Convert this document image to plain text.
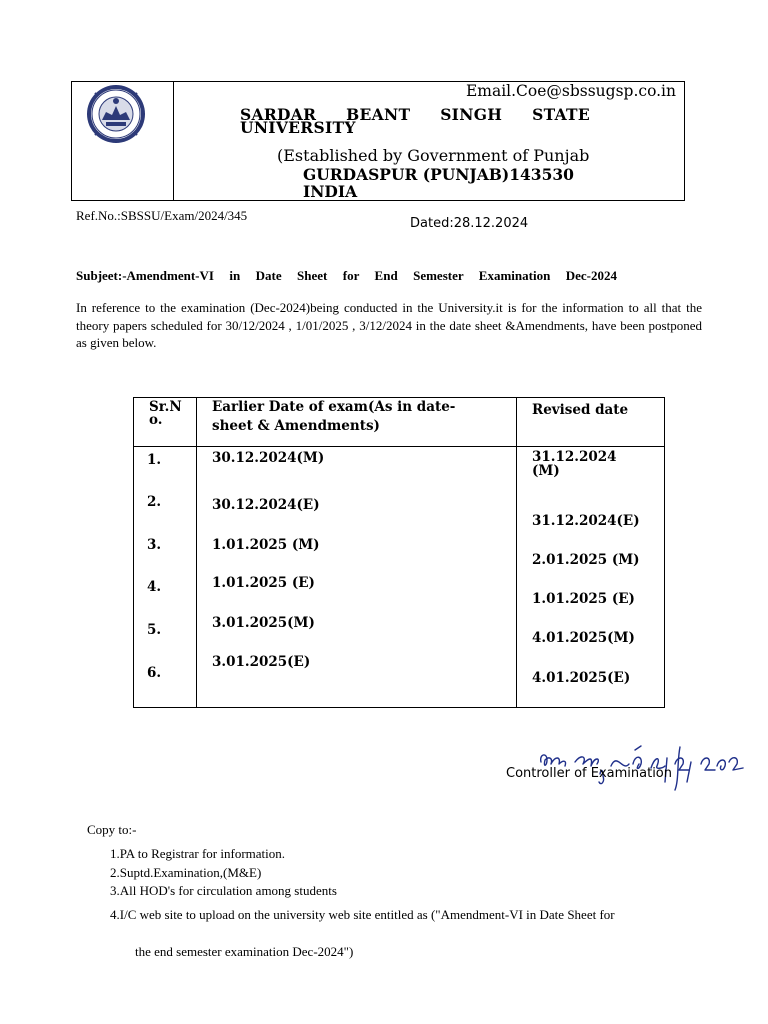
Email.Coe@sbssugsp.co.in
SARDAR BEANT SINGH STATE UNIVERSITY
(Established by Government of Punjab
GURDASPUR (PUNJAB)143530
INDIA
Ref.No.:SBSSU/Exam/2024/345
Dated:28.12.2024
Subjeet:-Amendment-VI in Date Sheet for End Semester Examination Dec-2024
In reference to the examination (Dec-2024)being conducted in the University.it is for the information to all that the theory papers scheduled for 30/12/2024 , 1/01/2025 , 3/12/2024 in the date sheet &Amendments, have been postponed as given below.
Sr.N
o.
Earlier Date of exam(As in date-
sheet & Amendments)
Revised date
1.
2.
3.
4.
5.
6.
30.12.2024(M)
30.12.2024(E)
1.01.2025 (M)
1.01.2025 (E)
3.01.2025(M)
3.01.2025(E)
31.12.2024
(M)
31.12.2024(E)
2.01.2025 (M)
1.01.2025 (E)
4.01.2025(M)
4.01.2025(E)
Controller of Examination
Copy to:-
1.PA to Registrar for information.
2.Suptd.Examination,(M&E)
3.All HOD's for circulation among students
4.I/C web site to upload on the university web site entitled as ("Amendment-VI in Date Sheet for
the end semester examination Dec-2024")
